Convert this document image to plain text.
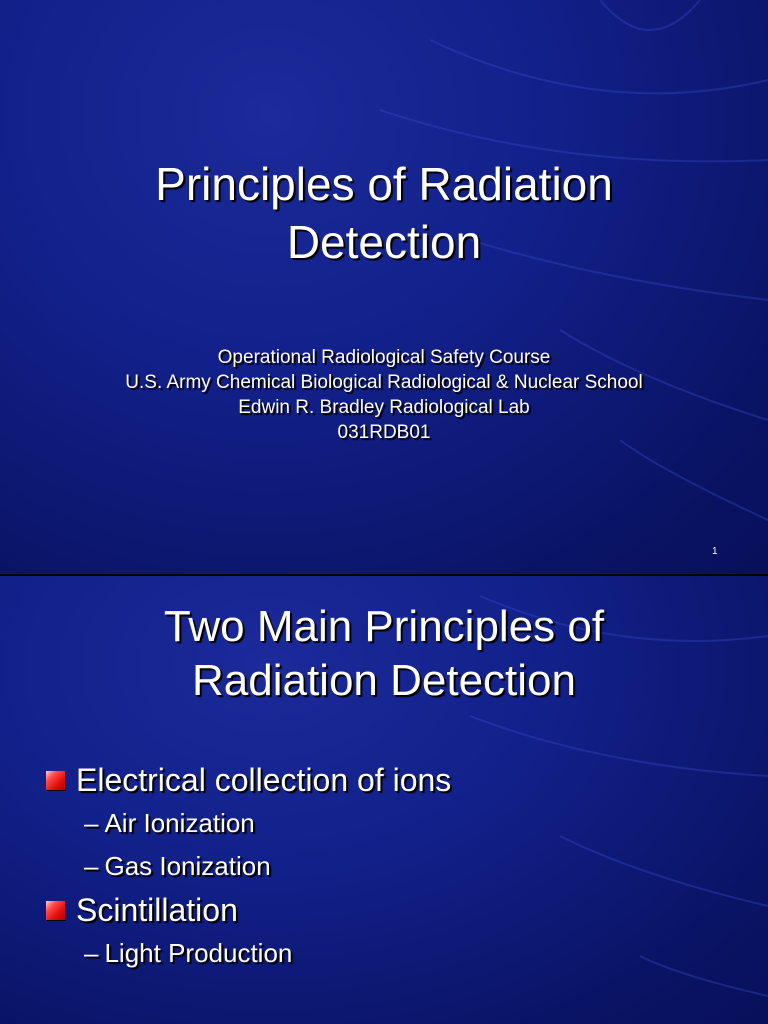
Principles of Radiation
Detection
Operational Radiological Safety Course
U.S. Army Chemical Biological Radiological & Nuclear School
Edwin R. Bradley Radiological Lab
031RDB01
1
Two Main Principles of
Radiation Detection
Electrical collection of ions
– Air Ionization
– Gas Ionization
Scintillation
– Light Production
